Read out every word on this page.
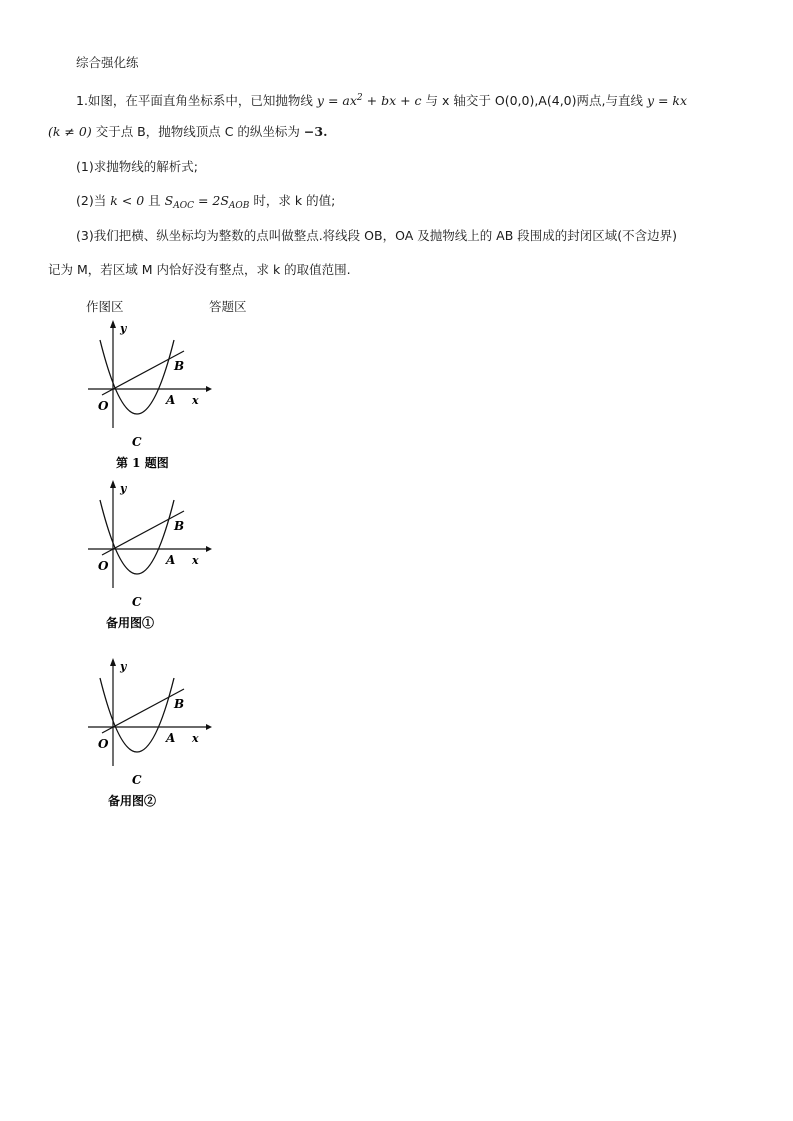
综合强化练
1.如图，在平面直角坐标系中，已知抛物线 $y = ax^2$ + bx + c 与 x 轴交于 O(0,0),A(4,0)两点,与直线 y = kx
(k ≠ 0) 交于点 B，抛物线顶点 C 的纵坐标为 −3.
(1)求抛物线的解析式;
(2)当 k < 0 且 $S_{AOC} = 2S_{AOB}$ 时，求 k 的值;
(3)我们把横、纵坐标均为整数的点叫做整点.将线段 OB，OA 及抛物线上的 AB 段围成的封闭区域(不含边界)
记为 M，若区域 M 内恰好没有整点，求 k 的取值范围.
作图区	答题区
y
x
O	A
B
C
第 1 题图
y
x
O	A
B
C
备用图①
y
x
O	A
B
C
备用图②
